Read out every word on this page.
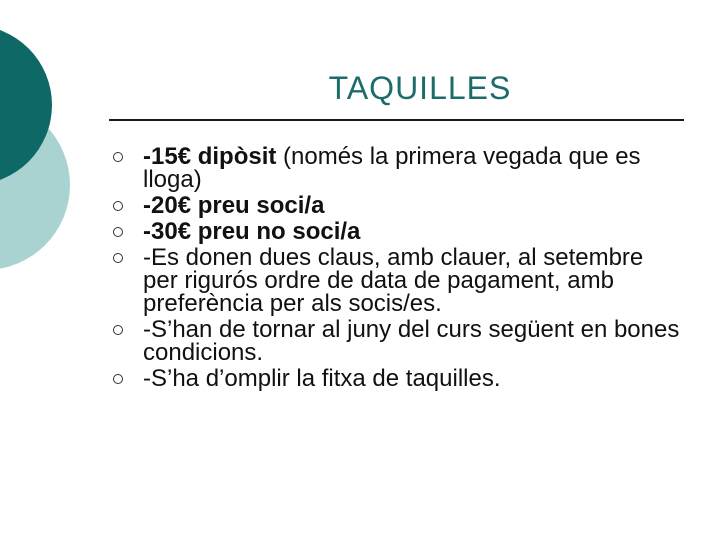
TAQUILLES
-15€ dipòsit (només la primera vegada que es lloga)
-20€ preu soci/a
-30€ preu no soci/a
-Es donen dues claus, amb clauer, al setembre per rigurós ordre de data de pagament, amb preferència per als socis/es.
-S’han de tornar al juny del curs següent en bones condicions.
-S’ha d’omplir la fitxa de taquilles.
